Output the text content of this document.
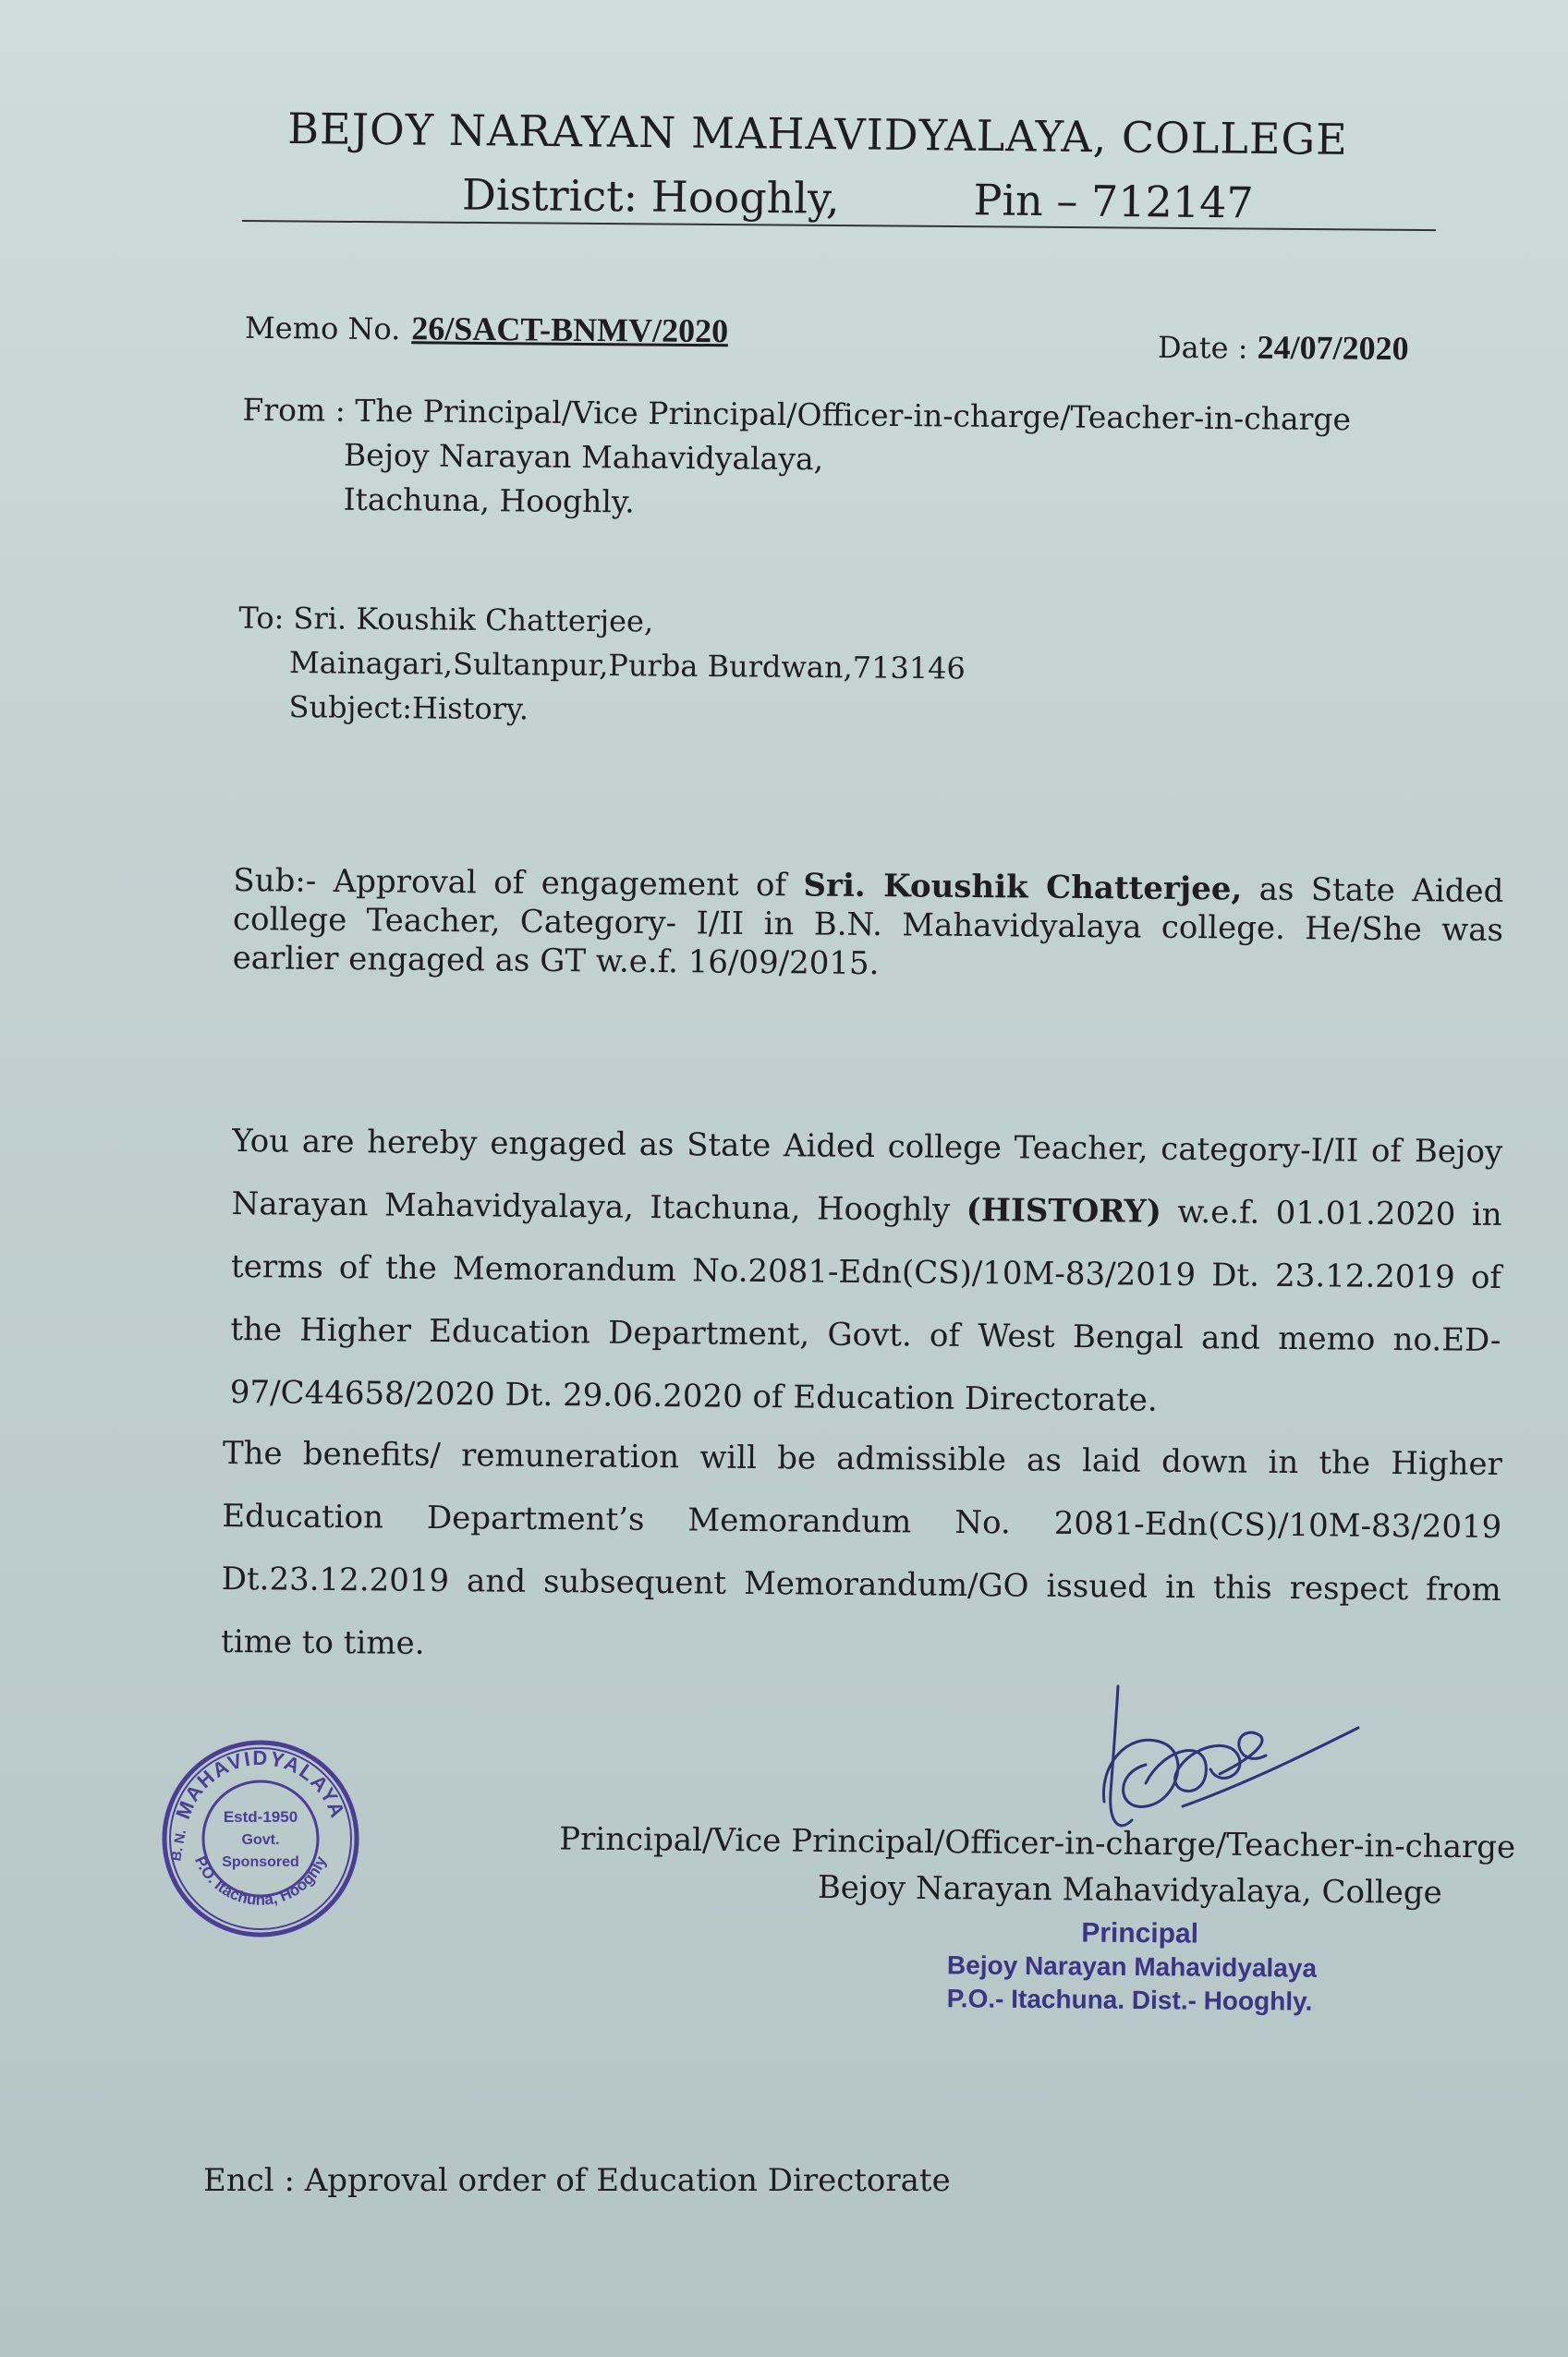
BEJOY NARAYAN MAHAVIDYALAYA, COLLEGE
District: Hooghly,	Pin – 712147
Memo No. 26/SACT-BNMV/2020	Date : 24/07/2020
From : The Principal/Vice Principal/Officer-in-charge/Teacher-in-charge
Bejoy Narayan Mahavidyalaya,
Itachuna, Hooghly.
To: Sri. Koushik Chatterjee,
Mainagari,Sultanpur,Purba Burdwan,713146
Subject:History.
Sub:- Approval of engagement of Sri. Koushik Chatterjee, as State Aided college Teacher, Category- I/II in B.N. Mahavidyalaya college. He/She was earlier engaged as GT w.e.f. 16/09/2015.
You are hereby engaged as State Aided college Teacher, category-I/II of Bejoy Narayan Mahavidyalaya, Itachuna, Hooghly (HISTORY) w.e.f. 01.01.2020 in terms of the Memorandum No.2081-Edn(CS)/10M-83/2019 Dt. 23.12.2019 of the Higher Education Department, Govt. of West Bengal and memo no.ED-97/C44658/2020 Dt. 29.06.2020 of Education Directorate.
The benefits/ remuneration will be admissible as laid down in the Higher Education Department’s Memorandum No. 2081-Edn(CS)/10M-83/2019 Dt.23.12.2019 and subsequent Memorandum/GO issued in this respect from time to time.
MAHAVIDYALAYA
P.O. Itachuna, Hooghly
B. N.
Estd-1950
Govt.
Sponsored	Principal/Vice Principal/Officer-in-charge/Teacher-in-charge
Bejoy Narayan Mahavidyalaya, College
Principal
Bejoy Narayan Mahavidyalaya
P.O.- Itachuna. Dist.- Hooghly.
Encl : Approval order of Education Directorate
